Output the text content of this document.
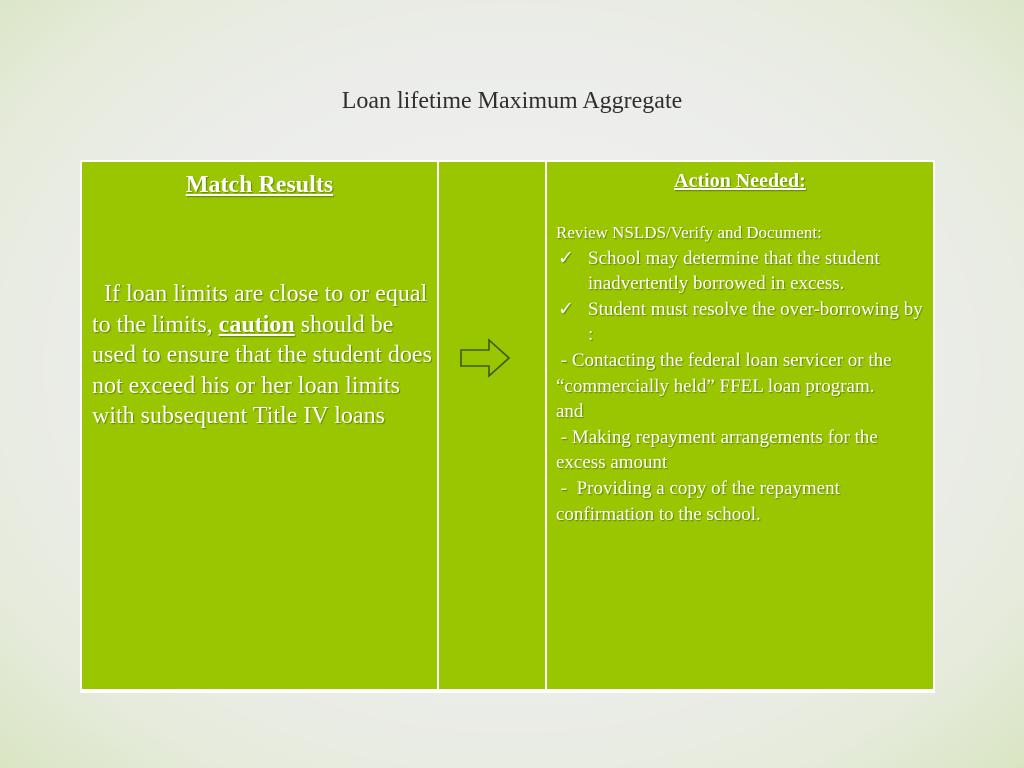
Loan lifetime Maximum Aggregate
Match Results
If loan limits are close to or equal to the limits, caution should be used to ensure that the student does not exceed his or her loan limits with subsequent Title IV loans
Action Needed:
Review NSLDS/Verify and Document:
✓ School may determine that the student inadvertently borrowed in excess.
✓ Student must resolve the over-borrowing by :
- Contacting the federal loan servicer or the “commercially held” FFEL loan program.
and
- Making repayment arrangements for the excess amount
-  Providing a copy of the repayment confirmation to the school.
